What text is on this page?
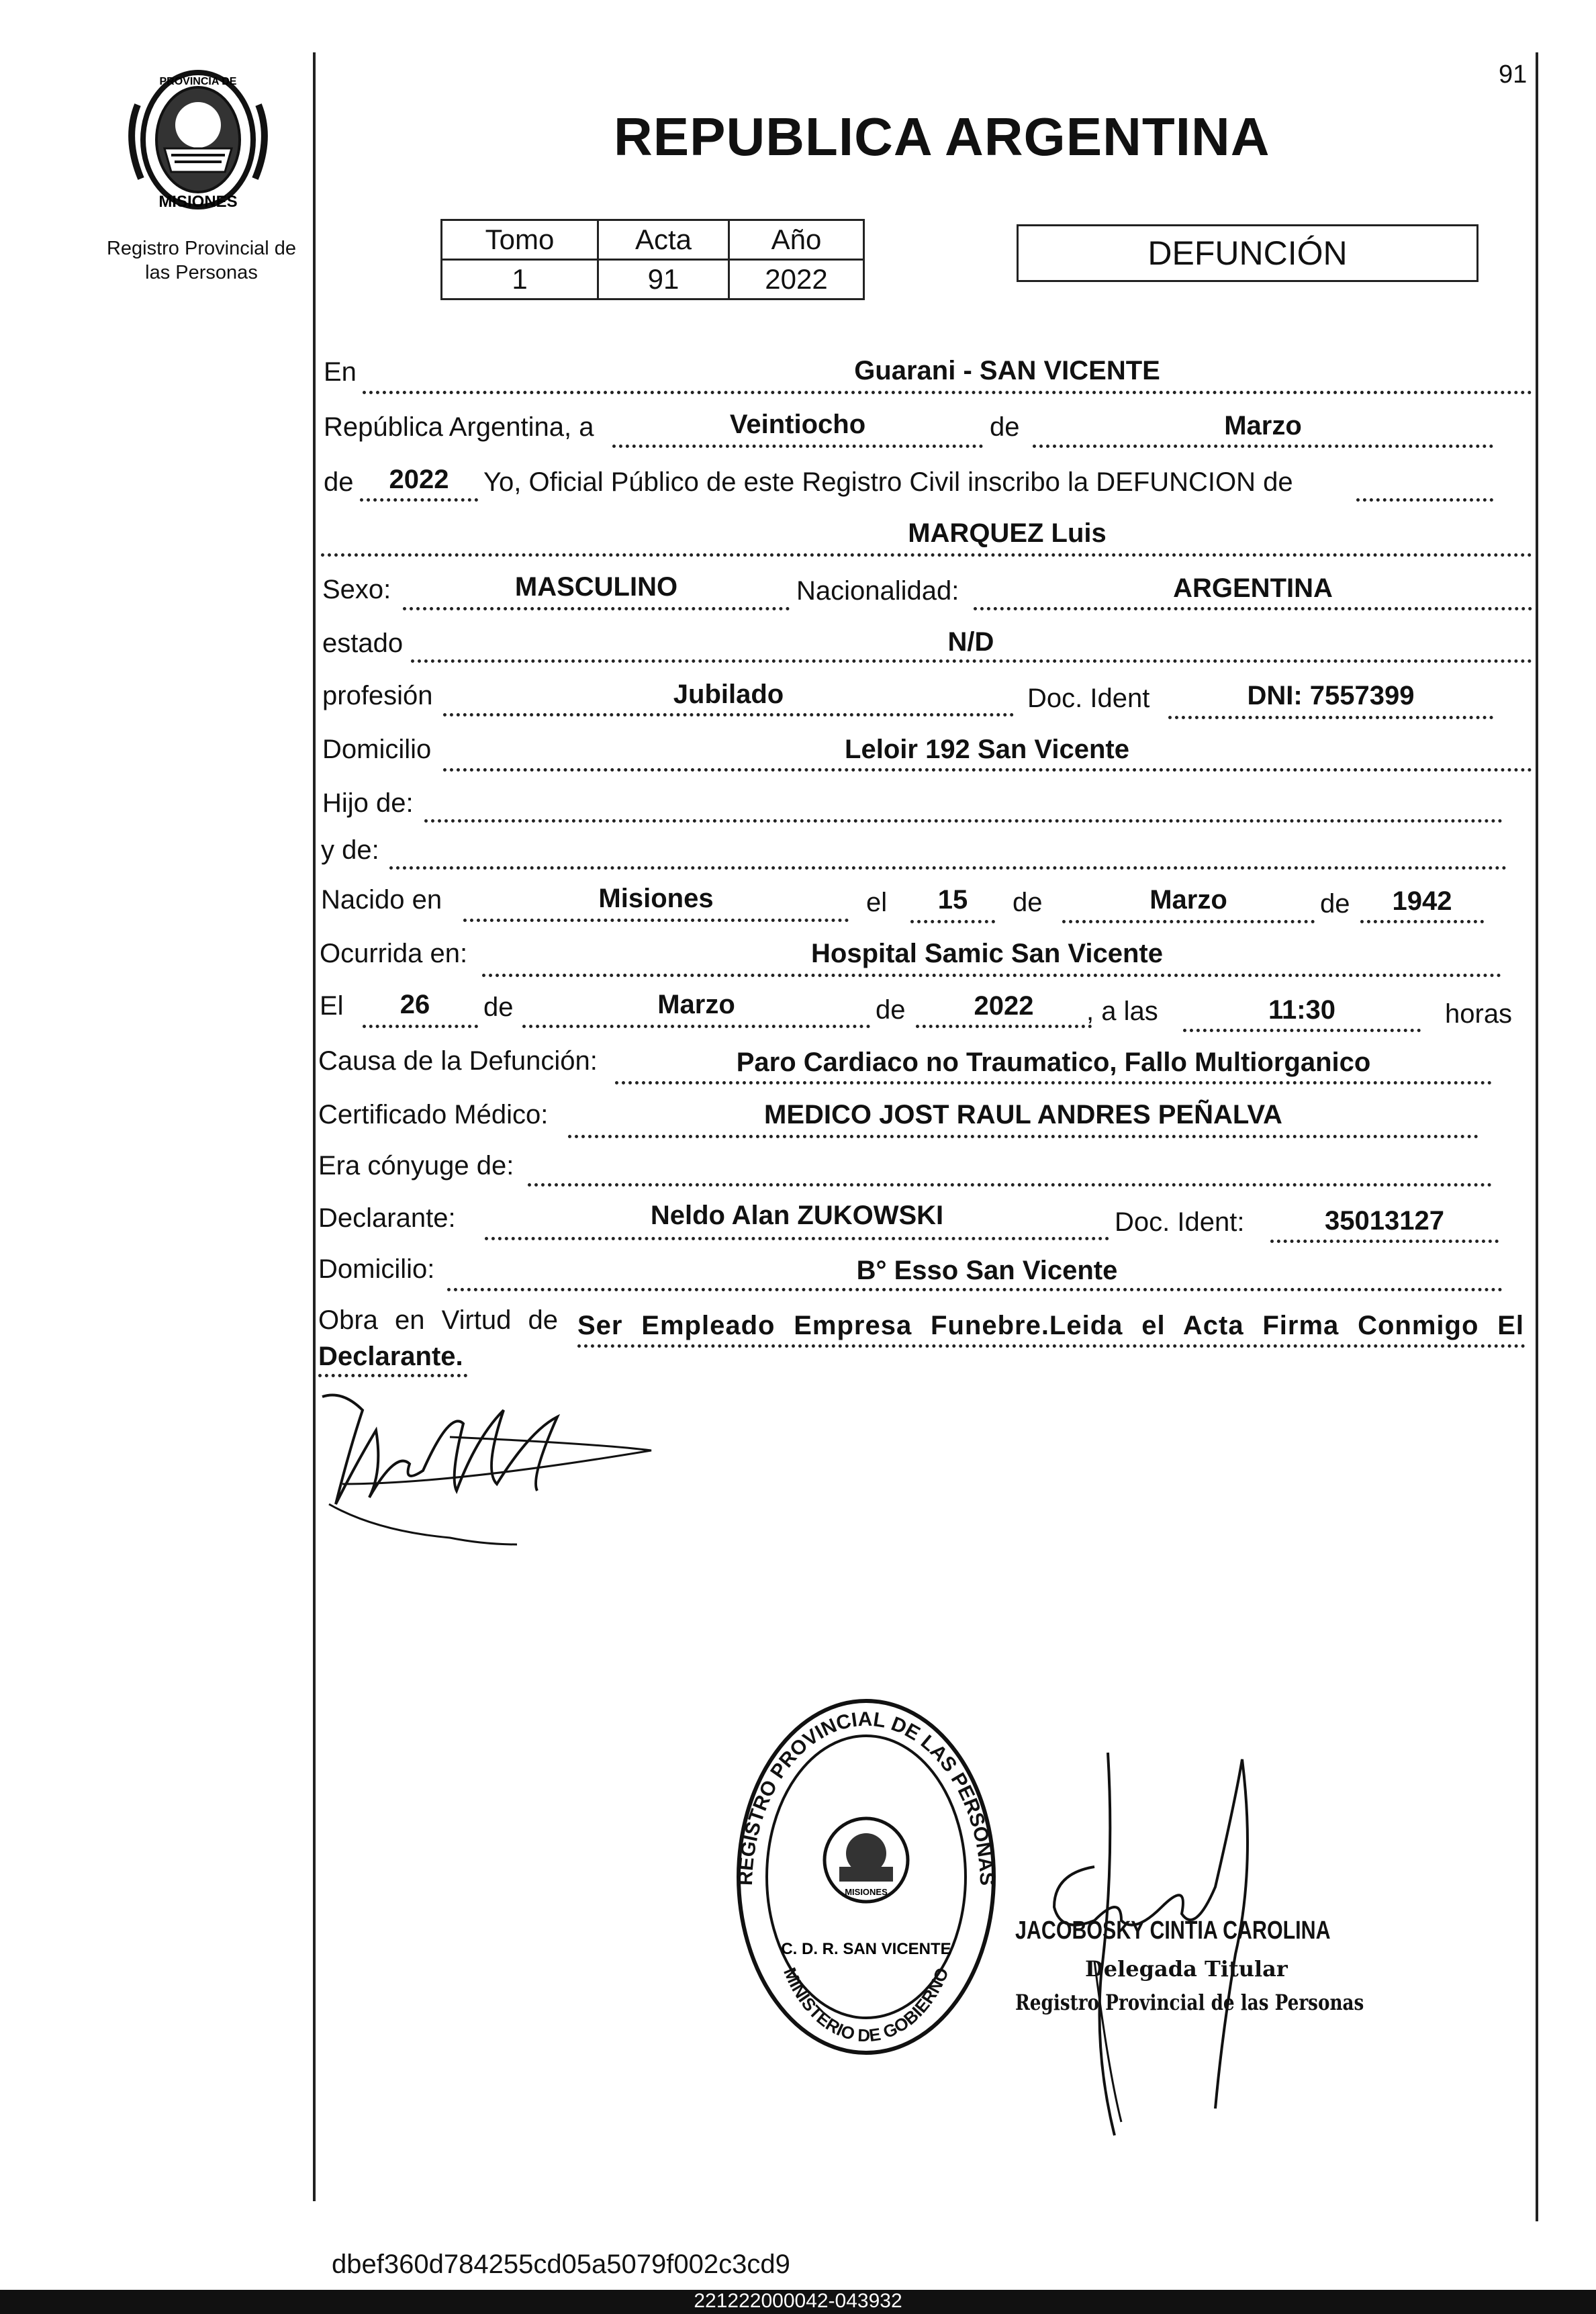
91
PROVINCIA DE
MISIONES
Registro Provincial de
las Personas
REPUBLICA ARGENTINA
Tomo	Acta	Año
1	91	2022
DEFUNCIÓN
En	Guarani - SAN VICENTE
República Argentina, a	Veintiocho	de	Marzo
de	2022	Yo, Oficial Público de este Registro Civil inscribo la DEFUNCION de
MARQUEZ Luis
Sexo:	MASCULINO	Nacionalidad:	ARGENTINA
estado	N/D
profesión	Jubilado	Doc. Ident	DNI: 7557399
Domicilio	Leloir 192 San Vicente
Hijo de:
y de:
Nacido en	Misiones	el	15	de	Marzo	de	1942
Ocurrida en:	Hospital Samic San Vicente
El	26	de	Marzo	de	2022	, a las	11:30	horas
Causa de la Defunción:	Paro Cardiaco no Traumatico, Fallo Multiorganico
Certificado Médico:	MEDICO JOST RAUL ANDRES PEÑALVA
Era cónyuge de:
Declarante:	Neldo Alan ZUKOWSKI	Doc. Ident:	35013127
Domicilio:	B° Esso San Vicente
Obra en Virtud de Ser Empleado Empresa Funebre.Leida el Acta Firma Conmigo El
Declarante.
REGISTRO PROVINCIAL DE LAS PERSONAS
MINISTERIO DE GOBIERNO
MISIONES
C. D. R. SAN VICENTE
JACOBOSKY CINTIA CAROLINA
Delegada Titular
Registro Provincial de las Personas
dbef360d784255cd05a5079f002c3cd9
221222000042-043932
